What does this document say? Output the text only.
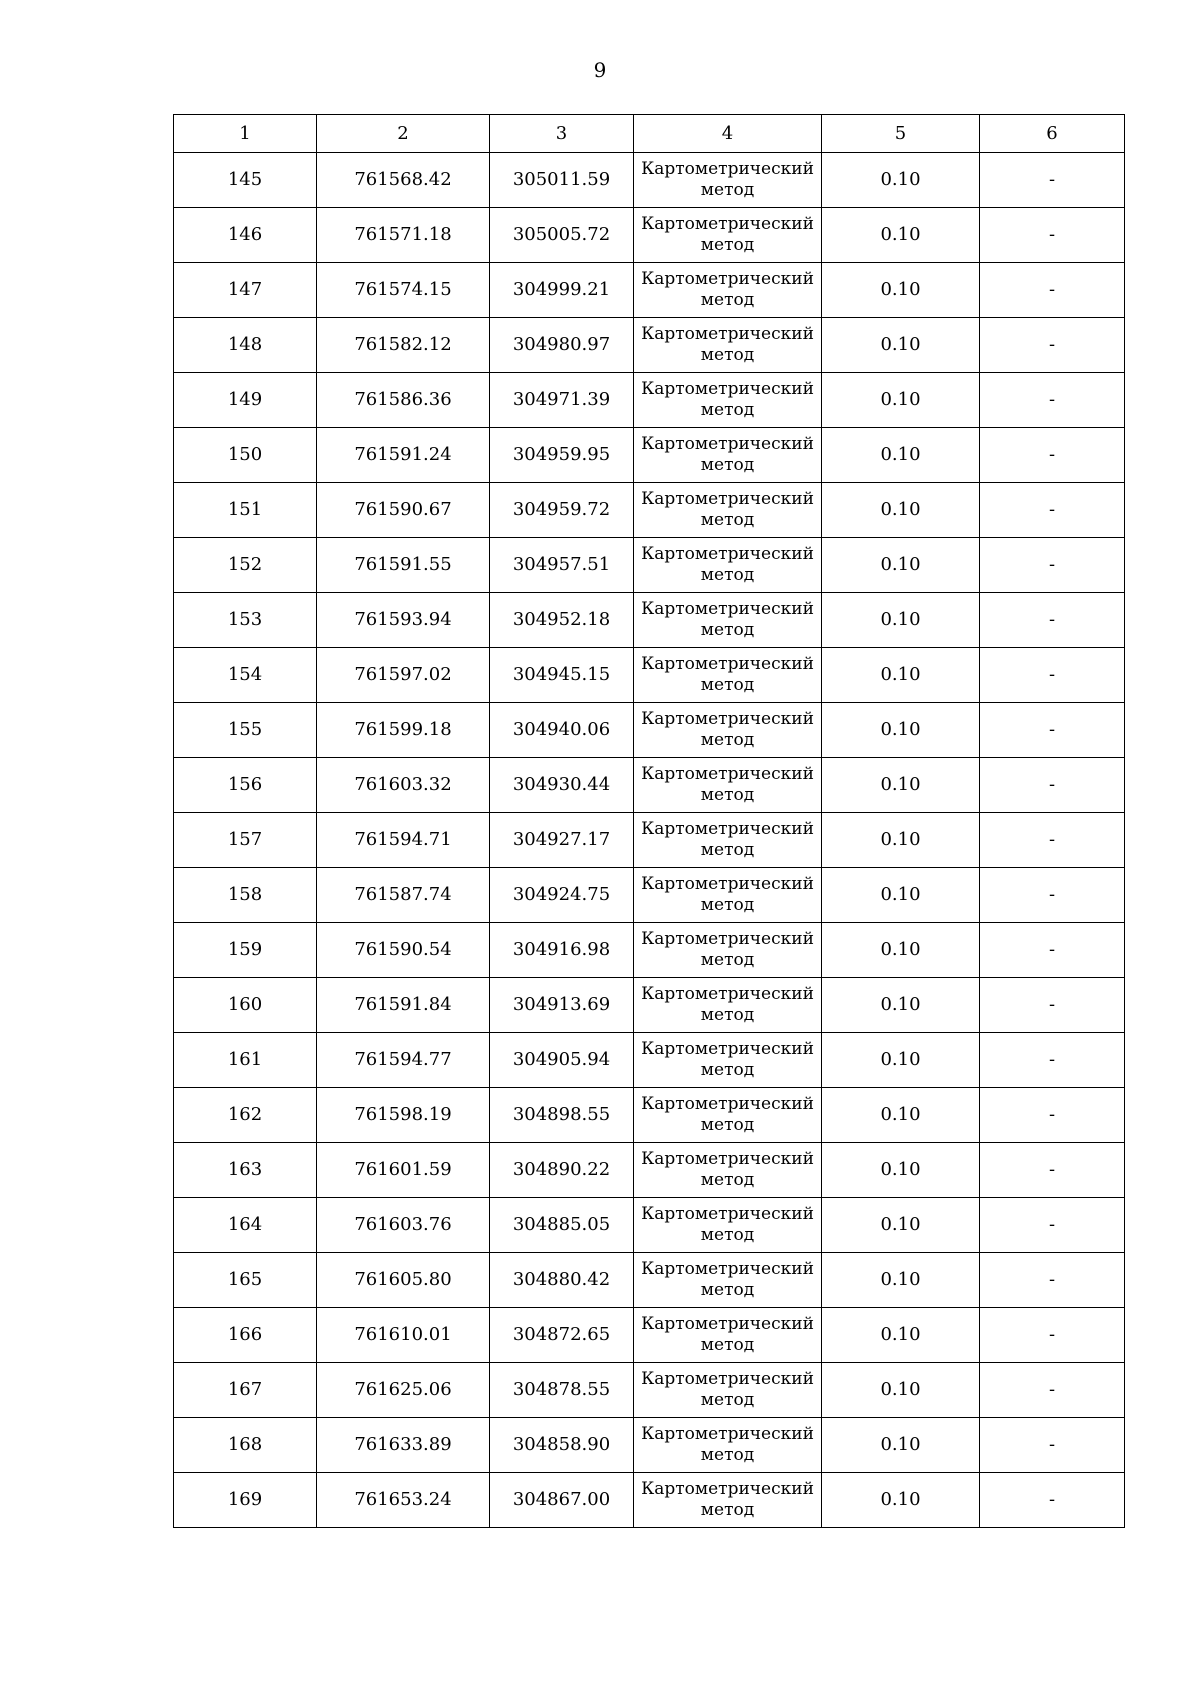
9
1	2	3	4	5	6
145	761568.42	305011.59	Картометрический метод	0.10	-
146	761571.18	305005.72	Картометрический метод	0.10	-
147	761574.15	304999.21	Картометрический метод	0.10	-
148	761582.12	304980.97	Картометрический метод	0.10	-
149	761586.36	304971.39	Картометрический метод	0.10	-
150	761591.24	304959.95	Картометрический метод	0.10	-
151	761590.67	304959.72	Картометрический метод	0.10	-
152	761591.55	304957.51	Картометрический метод	0.10	-
153	761593.94	304952.18	Картометрический метод	0.10	-
154	761597.02	304945.15	Картометрический метод	0.10	-
155	761599.18	304940.06	Картометрический метод	0.10	-
156	761603.32	304930.44	Картометрический метод	0.10	-
157	761594.71	304927.17	Картометрический метод	0.10	-
158	761587.74	304924.75	Картометрический метод	0.10	-
159	761590.54	304916.98	Картометрический метод	0.10	-
160	761591.84	304913.69	Картометрический метод	0.10	-
161	761594.77	304905.94	Картометрический метод	0.10	-
162	761598.19	304898.55	Картометрический метод	0.10	-
163	761601.59	304890.22	Картометрический метод	0.10	-
164	761603.76	304885.05	Картометрический метод	0.10	-
165	761605.80	304880.42	Картометрический метод	0.10	-
166	761610.01	304872.65	Картометрический метод	0.10	-
167	761625.06	304878.55	Картометрический метод	0.10	-
168	761633.89	304858.90	Картометрический метод	0.10	-
169	761653.24	304867.00	Картометрический метод	0.10	-
